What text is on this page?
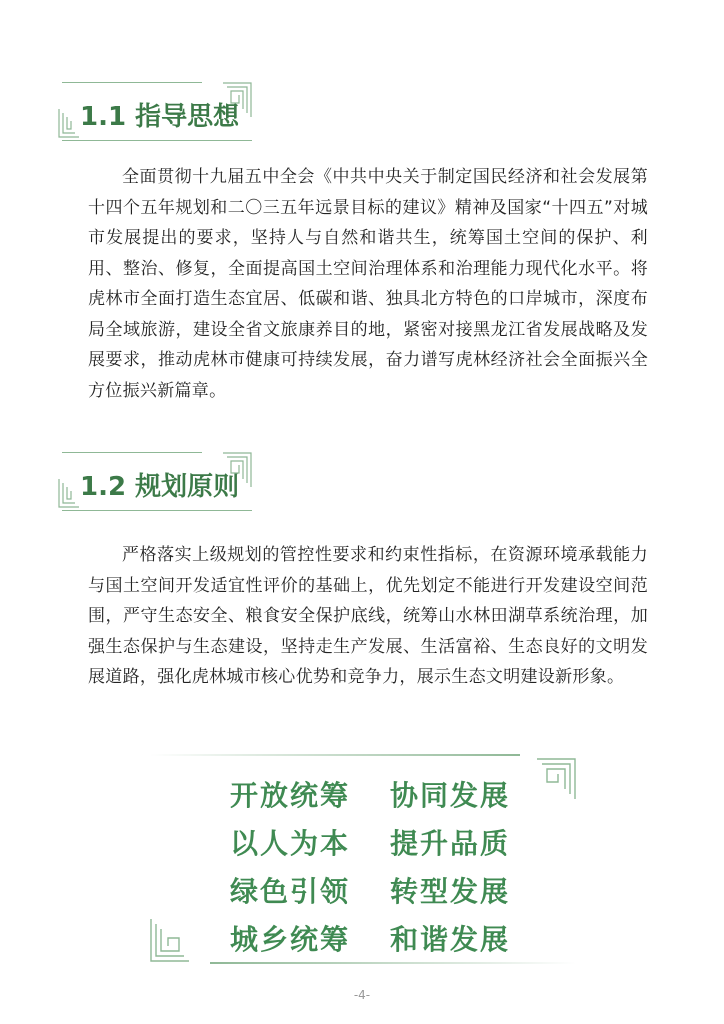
1.1 指导思想
全面贯彻十九届五中全会《中共中央关于制定国民经济和社会发展第十四个五年规划和二〇三五年远景目标的建议》精神及国家“十四五”对城市发展提出的要求，坚持人与自然和谐共生，统筹国土空间的保护、利用、整治、修复，全面提高国土空间治理体系和治理能力现代化水平。将虎林市全面打造生态宜居、低碳和谐、独具北方特色的口岸城市，深度布局全域旅游，建设全省文旅康养目的地，紧密对接黑龙江省发展战略及发展要求，推动虎林市健康可持续发展，奋力谱写虎林经济社会全面振兴全方位振兴新篇章。
1.2 规划原则
严格落实上级规划的管控性要求和约束性指标，在资源环境承载能力与国土空间开发适宜性评价的基础上，优先划定不能进行开发建设空间范围，严守生态安全、粮食安全保护底线，统筹山水林田湖草系统治理，加强生态保护与生态建设，坚持走生产发展、生活富裕、生态良好的文明发展道路，强化虎林城市核心优势和竞争力，展示生态文明建设新形象。
开放统筹 协同发展
以人为本 提升品质
绿色引领 转型发展
城乡统筹 和谐发展
-4-
